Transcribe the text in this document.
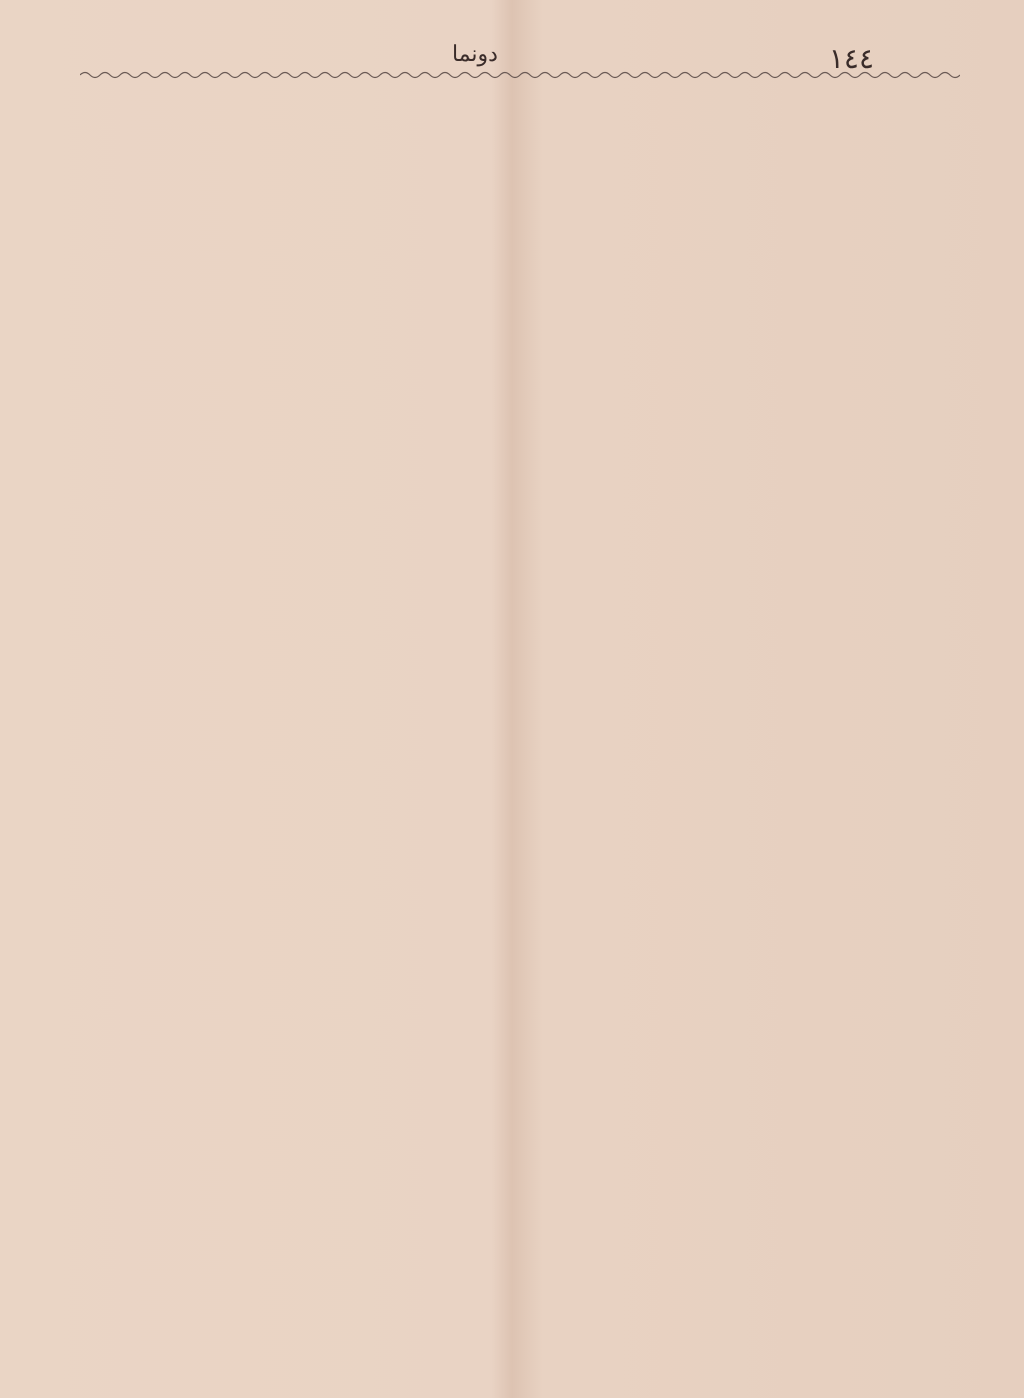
١٤٤
دونما
